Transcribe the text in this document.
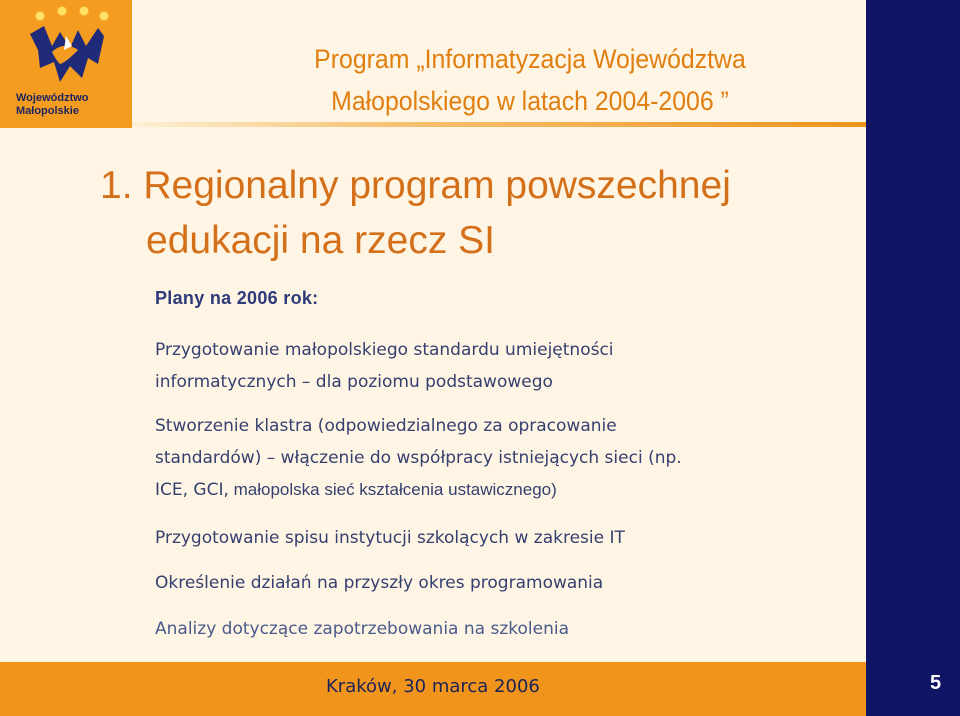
Województwo
Małopolskie
Program „Informatyzacja Województwa
Małopolskiego w latach 2004-2006 ”
1. Regionalny program powszechnej
edukacji na rzecz SI
Plany na 2006 rok:
Przygotowanie małopolskiego standardu umiejętności
informatycznych – dla poziomu podstawowego
Stworzenie klastra (odpowiedzialnego za opracowanie
standardów) – włączenie do współpracy istniejących sieci (np.
ICE, GCI, małopolska sieć kształcenia ustawicznego)
Przygotowanie spisu instytucji szkolących w zakresie IT
Określenie działań na przyszły okres programowania
Analizy dotyczące zapotrzebowania na szkolenia
Kraków, 30 marca 2006	5
